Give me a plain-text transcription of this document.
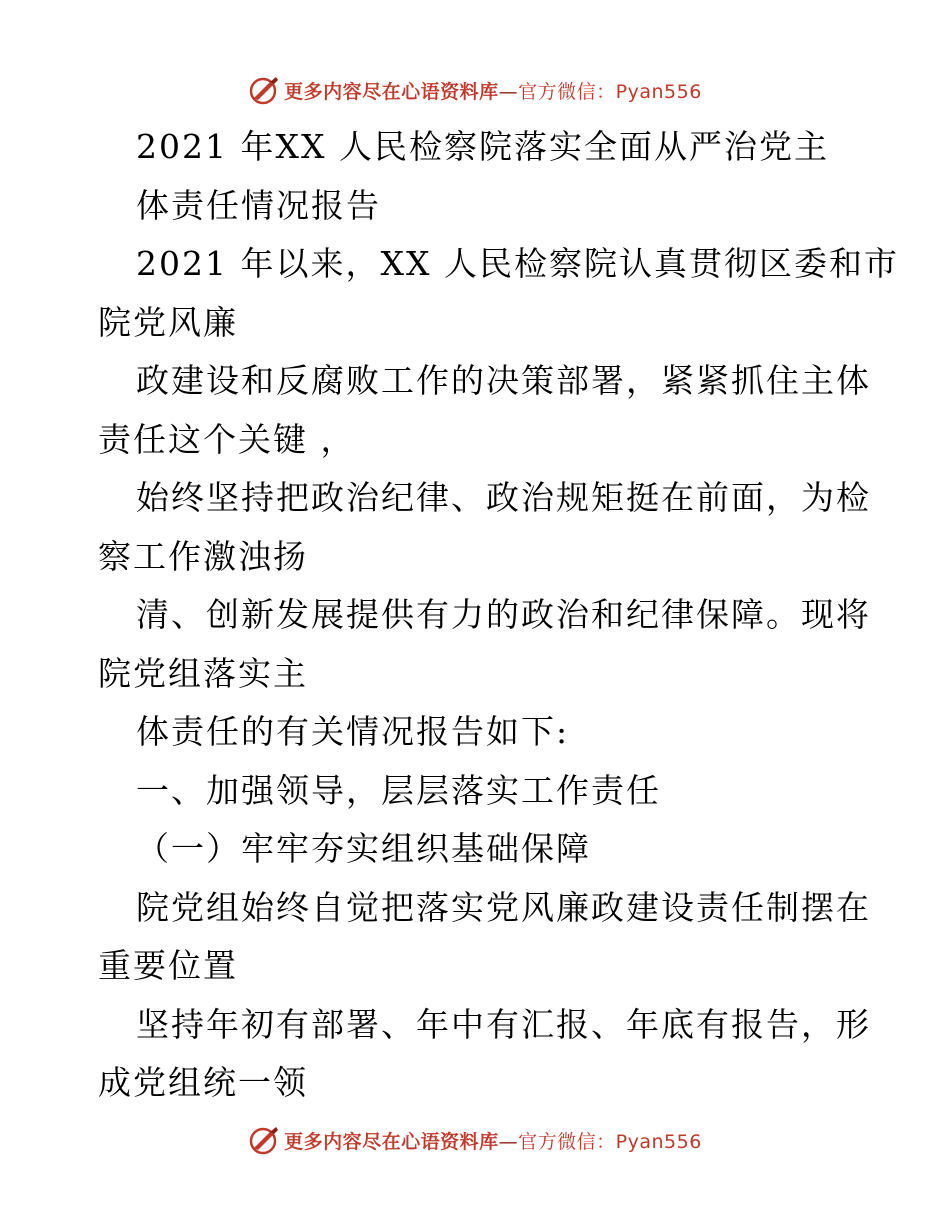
更多内容尽在心语资料库—官方微信：Pyan556
2021 年XX 人民检察院落实全面从严治党主
体责任情况报告
2021 年以来，XX 人民检察院认真贯彻区委和市
院党风廉
政建设和反腐败工作的决策部署，紧紧抓住主体
责任这个关键 ，
始终坚持把政治纪律、政治规矩挺在前面，为检
察工作激浊扬
清、创新发展提供有力的政治和纪律保障。现将
院党组落实主
体责任的有关情况报告如下:
一、加强领导，层层落实工作责任
（一）牢牢夯实组织基础保障
院党组始终自觉把落实党风廉政建设责任制摆在
重要位置
坚持年初有部署、年中有汇报、年底有报告，形
成党组统一领
更多内容尽在心语资料库—官方微信：Pyan556
